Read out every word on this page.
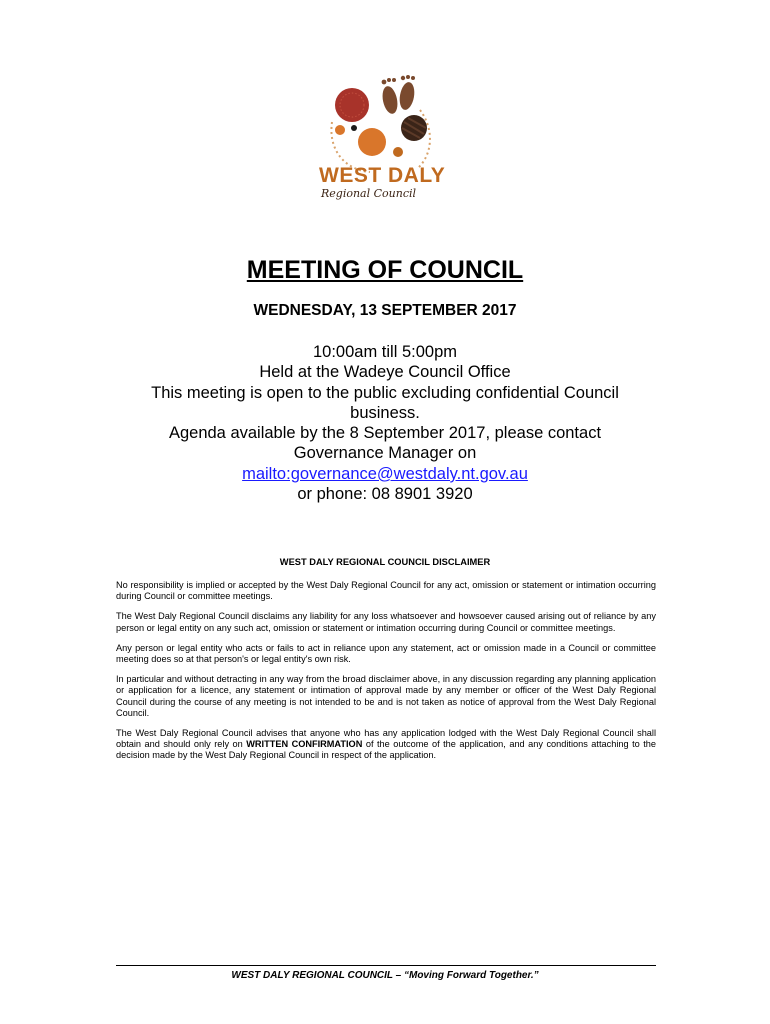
WEST DALY
Regional Council
MEETING OF COUNCIL
WEDNESDAY, 13 SEPTEMBER 2017
10:00am till 5:00pm
Held at the Wadeye Council Office
This meeting is open to the public excluding confidential Council business.
Agenda available by the 8 September 2017, please contact Governance Manager on
mailto:governance@westdaly.nt.gov.au
or phone: 08 8901 3920
WEST DALY REGIONAL COUNCIL DISCLAIMER

No responsibility is implied or accepted by the West Daly Regional Council for any act, omission or statement or intimation occurring during Council or committee meetings.

The West Daly Regional Council disclaims any liability for any loss whatsoever and howsoever caused arising out of reliance by any person or legal entity on any such act, omission or statement or intimation occurring during Council or committee meetings.

Any person or legal entity who acts or fails to act in reliance upon any statement, act or omission made in a Council or committee meeting does so at that person's or legal entity's own risk.

In particular and without detracting in any way from the broad disclaimer above, in any discussion regarding any planning application or application for a licence, any statement or intimation of approval made by any member or officer of the West Daly Regional Council during the course of any meeting is not intended to be and is not taken as notice of approval from the West Daly Regional Council.

The West Daly Regional Council advises that anyone who has any application lodged with the West Daly Regional Council shall obtain and should only rely on WRITTEN CONFIRMATION of the outcome of the application, and any conditions attaching to the decision made by the West Daly Regional Council in respect of the application.

WEST DALY REGIONAL COUNCIL – “Moving Forward Together.”
